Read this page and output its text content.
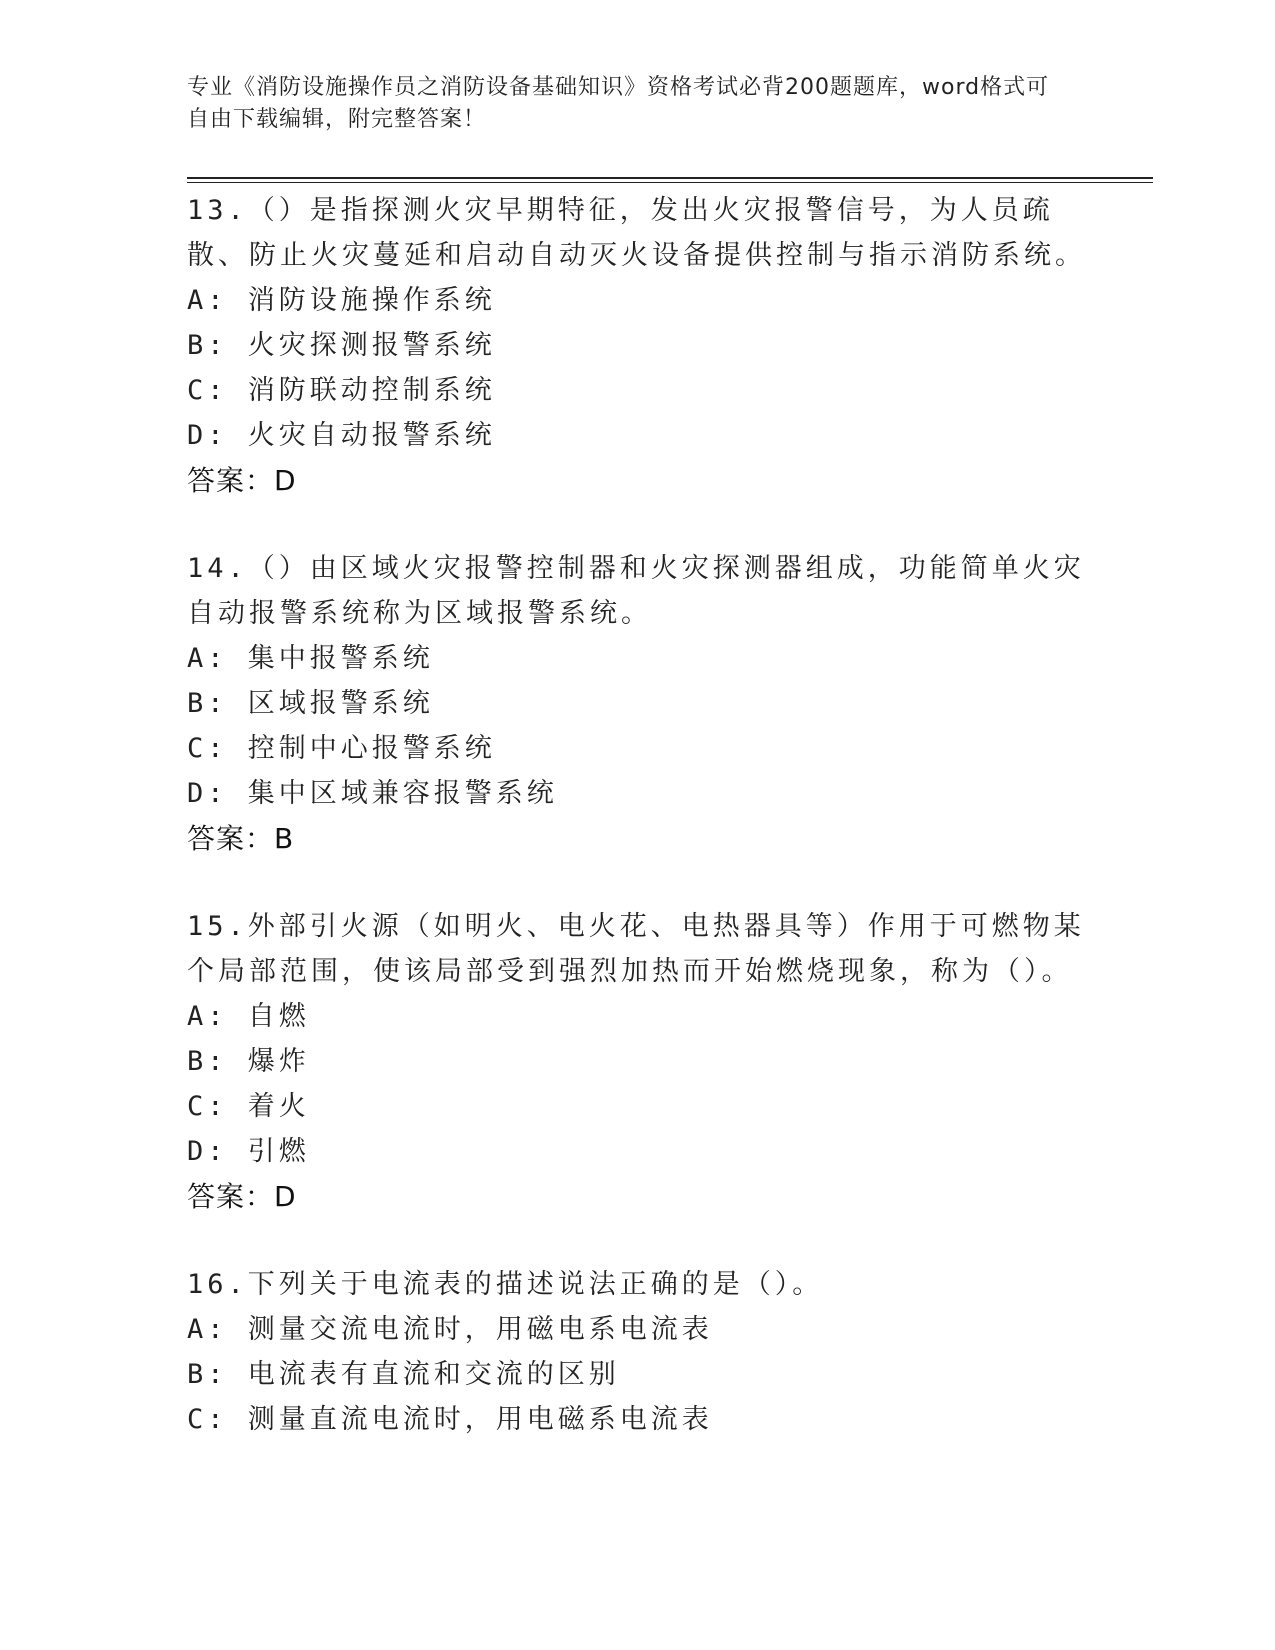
专业《消防设施操作员之消防设备基础知识》资格考试必背200题题库，word格式可自由下载编辑，附完整答案！
13.（）是指探测火灾早期特征，发出火灾报警信号，为人员疏散、防止火灾蔓延和启动自动灭火设备提供控制与指示消防系统。
A: 消防设施操作系统
B: 火灾探测报警系统
C: 消防联动控制系统
D: 火灾自动报警系统
答案：D
14.（）由区域火灾报警控制器和火灾探测器组成，功能简单火灾自动报警系统称为区域报警系统。
A: 集中报警系统
B: 区域报警系统
C: 控制中心报警系统
D: 集中区域兼容报警系统
答案：B
15.外部引火源（如明火、电火花、电热器具等）作用于可燃物某个局部范围，使该局部受到强烈加热而开始燃烧现象，称为（）。
A: 自燃
B: 爆炸
C: 着火
D: 引燃
答案：D
16.下列关于电流表的描述说法正确的是（）。
A: 测量交流电流时，用磁电系电流表
B: 电流表有直流和交流的区别
C: 测量直流电流时，用电磁系电流表
